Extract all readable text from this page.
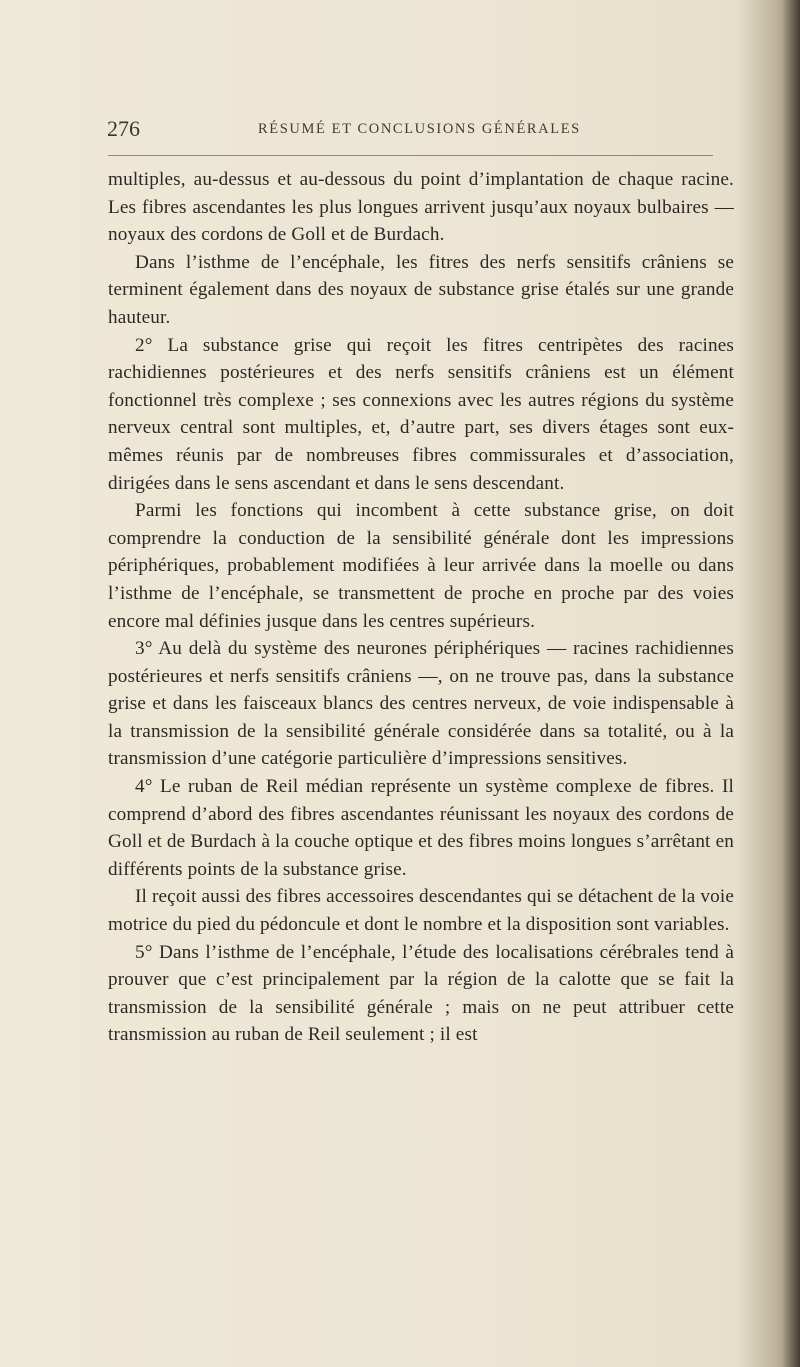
276	RÉSUMÉ ET CONCLUSIONS GÉNÉRALES

multiples, au-dessus et au-dessous du point d’implantation de chaque racine. Les fibres ascendantes les plus longues arrivent jusqu’aux noyaux bulbaires — noyaux des cordons de Goll et de Burdach.

Dans l’isthme de l’encéphale, les fitres des nerfs sensitifs crâniens se terminent également dans des noyaux de substance grise étalés sur une grande hauteur.

2° La substance grise qui reçoit les fitres centripètes des racines rachidiennes postérieures et des nerfs sensitifs crâniens est un élément fonctionnel très complexe ; ses connexions avec les autres régions du système nerveux central sont multiples, et, d’autre part, ses divers étages sont eux-mêmes réunis par de nombreuses fibres commissurales et d’association, dirigées dans le sens ascendant et dans le sens descendant.

Parmi les fonctions qui incombent à cette substance grise, on doit comprendre la conduction de la sensibilité générale dont les impressions périphériques, probablement modifiées à leur arrivée dans la moelle ou dans l’isthme de l’encéphale, se transmettent de proche en proche par des voies encore mal définies jusque dans les centres supérieurs.

3° Au delà du système des neurones périphériques — racines rachidiennes postérieures et nerfs sensitifs crâniens —, on ne trouve pas, dans la substance grise et dans les faisceaux blancs des centres nerveux, de voie indispensable à la transmission de la sensibilité générale considérée dans sa totalité, ou à la transmission d’une catégorie particulière d’impressions sensitives.

4° Le ruban de Reil médian représente un système complexe de fibres. Il comprend d’abord des fibres ascendantes réunissant les noyaux des cordons de Goll et de Burdach à la couche optique et des fibres moins longues s’arrêtant en différents points de la substance grise.

Il reçoit aussi des fibres accessoires descendantes qui se détachent de la voie motrice du pied du pédoncule et dont le nombre et la disposition sont variables.

5° Dans l’isthme de l’encéphale, l’étude des localisations cérébrales tend à prouver que c’est principalement par la région de la calotte que se fait la transmission de la sensibilité générale ; mais on ne peut attribuer cette transmission au ruban de Reil seulement ; il est
